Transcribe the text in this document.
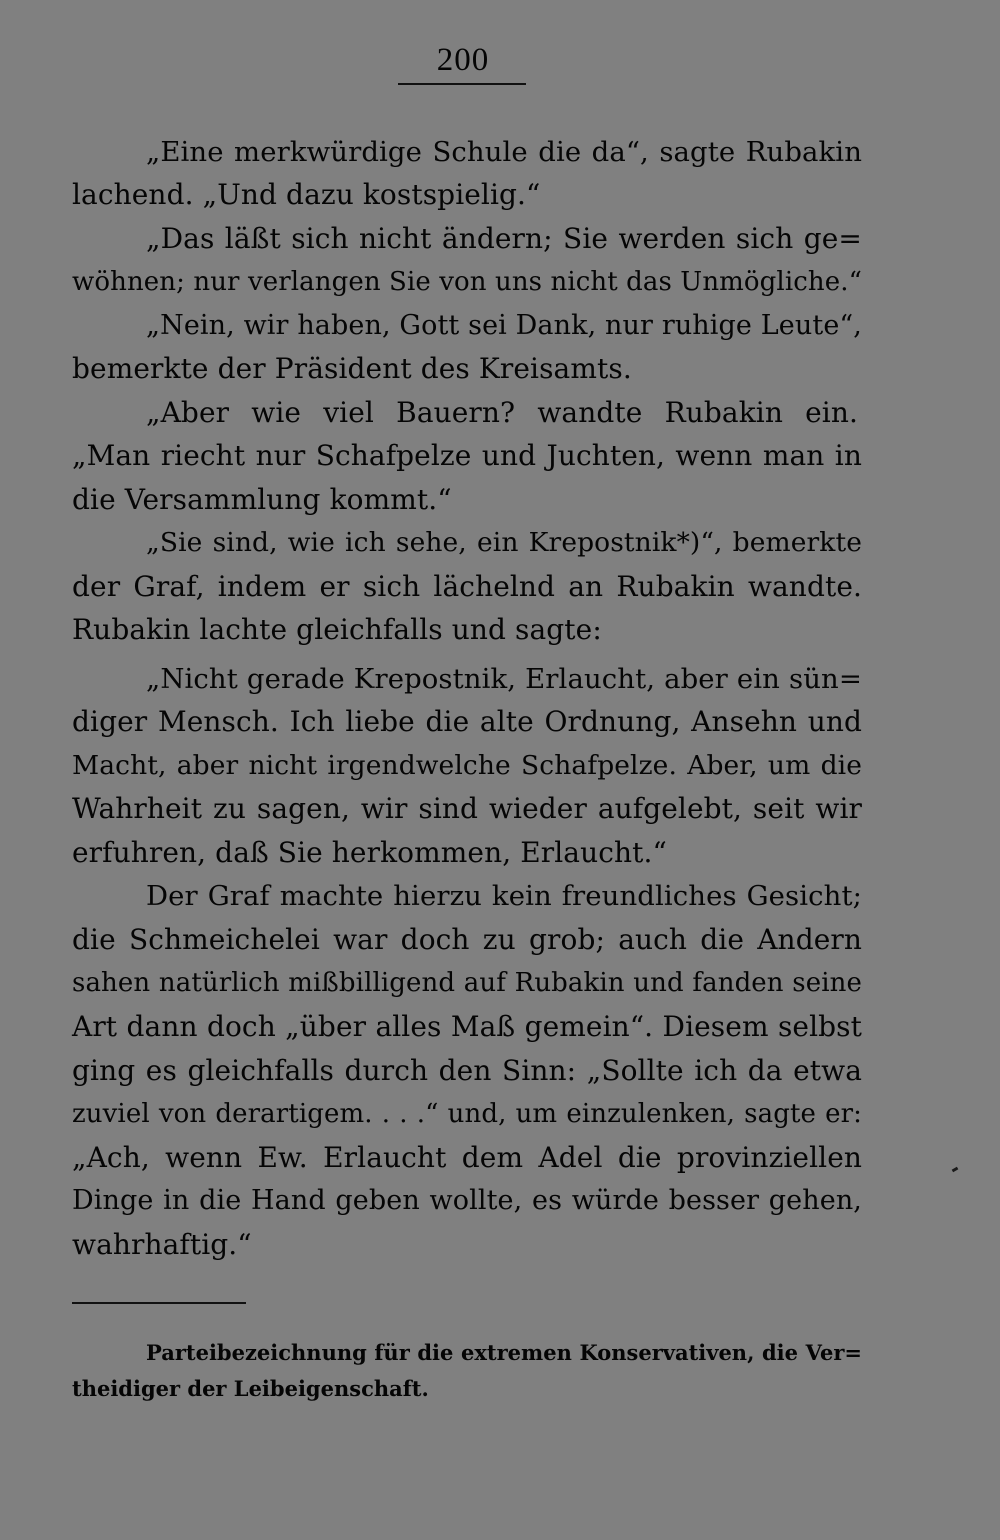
200
„Eine merkwürdige Schule die da“, sagte Rubakin
lachend. „Und dazu kostspielig.“
„Das läßt sich nicht ändern; Sie werden sich ge=
wöhnen; nur verlangen Sie von uns nicht das Unmögliche.“
„Nein, wir haben, Gott sei Dank, nur ruhige Leute“,
bemerkte der Präsident des Kreisamts.
„Aber wie viel Bauern? wandte Rubakin ein.
„Man riecht nur Schafpelze und Juchten, wenn man in
die Versammlung kommt.“
„Sie sind, wie ich sehe, ein Krepostnik*)“, bemerkte
der Graf, indem er sich lächelnd an Rubakin wandte.
Rubakin lachte gleichfalls und sagte:
„Nicht gerade Krepostnik, Erlaucht, aber ein sün=
diger Mensch. Ich liebe die alte Ordnung, Ansehn und
Macht, aber nicht irgendwelche Schafpelze. Aber, um die
Wahrheit zu sagen, wir sind wieder aufgelebt, seit wir
erfuhren, daß Sie herkommen, Erlaucht.“
Der Graf machte hierzu kein freundliches Gesicht;
die Schmeichelei war doch zu grob; auch die Andern
sahen natürlich mißbilligend auf Rubakin und fanden seine
Art dann doch „über alles Maß gemein“. Diesem selbst
ging es gleichfalls durch den Sinn: „Sollte ich da etwa
zuviel von derartigem. . . .“ und, um einzulenken, sagte er:
„Ach, wenn Ew. Erlaucht dem Adel die provinziellen
Dinge in die Hand geben wollte, es würde besser gehen,
wahrhaftig.“
Parteibezeichnung für die extremen Konservativen, die Ver=
theidiger der Leibeigenschaft.
